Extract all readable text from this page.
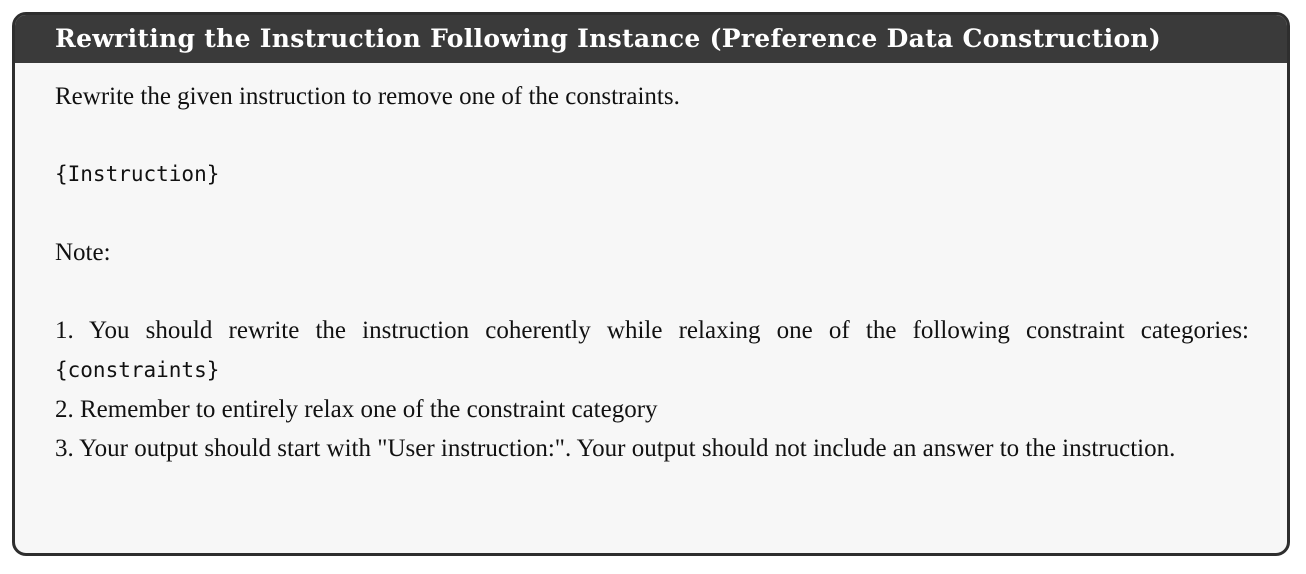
Rewriting the Instruction Following Instance (Preference Data Construction)

Rewrite the given instruction to remove one of the constraints.

{Instruction}

Note:

1. You should rewrite the instruction coherently while relaxing one of the following constraint categories: {constraints}

2. Remember to entirely relax one of the constraint category

3. Your output should start with "User instruction:". Your output should not include an answer to the instruction.
